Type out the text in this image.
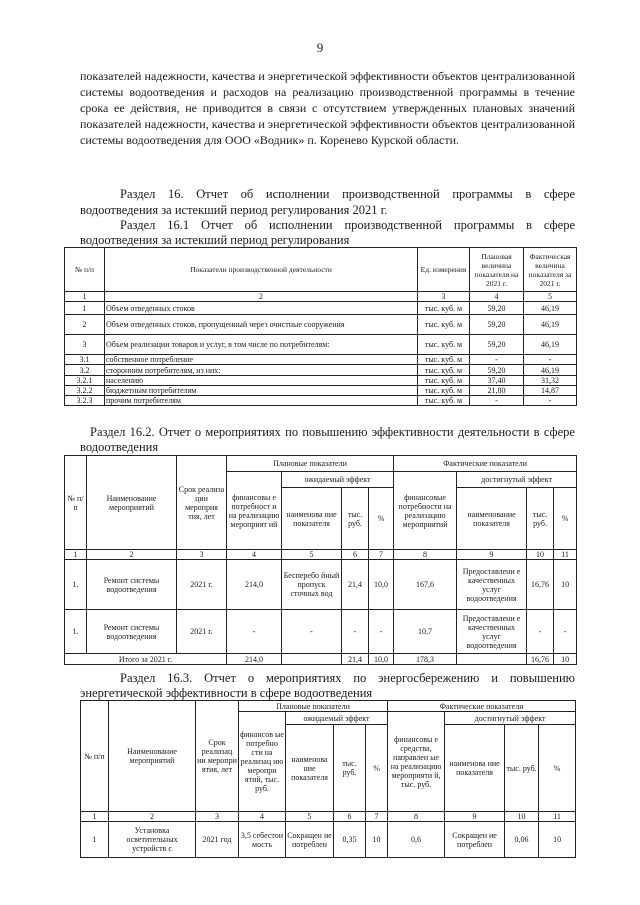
9
показателей надежности, качества и энергетической эффективности объектов централизованной системы водоотведения и расходов на реализацию производственной программы в течение срока ее действия, не приводится в связи с отсутствием утвержденных плановых значений показателей надежности, качества и энергетической эффективности объектов централизованной системы водоотведения для ООО «Водник» п. Коренево Курской области.
Раздел 16. Отчет об исполнении производственной программы в сфере водоотведения за истекший период регулирования 2021 г.
Раздел 16.1 Отчет об исполнении производственной программы в сфере водоотведения за истекший период регулирования
№ п/п	Показатели производственной деятельности	Ед. измерения	Плановая величина показателя на 2021 г.	Фактическая величина показателя за 2021 г.
1	2	3	4	5
1	Объем отведенных стоков	тыс. куб. м	59,20	46,19
2	Объем отведенных стоков, пропущенный через очистные сооружения	тыс. куб. м	59,20	46,19
3	Объем реализации товаров и услуг, в том числе по потребителям:	тыс. куб. м	59,20	46,19
3.1	собственное потребление	тыс. куб. м	-	-
3.2	сторонним потребителям, из них:	тыс. куб. м	59,20	46,19
3.2.1	населению	тыс. куб. м	37,40	31,32
3.2.2	бюджетным потребителям	тыс. куб. м	21,80	14,87
3.2.3	прочим потребителям	тыс. куб. м	-	-
Раздел 16.2. Отчет о мероприятиях по повышению эффективности деятельности в сфере водоотведения
№ п/ п	Наименование мероприятий	Срок реализа ции мероприя тия, лет	Плановые показатели				Фактические показатели			
			финансовы е потребност и на реализацию мероприят ий	ожидаемый эффект			финансовые потребности на реализацию мероприятий	достигнутый эффект		
				наименова ние показателя	тыс. руб.	%		наименование показателя	тыс. руб.	%
1	2	3	4	5	6	7	8	9	10	11
1.	Ремонт системы водоотведения	2021 г.	214,0	Бесперебо йный пропуск сточных вод	21,4	10,0	167,6	Предоставлени е качественных услуг водоотведения	16,76	10
1.	Ремонт системы водоотведения	2021 г.	-	-	-	-	10,7	Предоставлени е качественных услуг водоотведения	-	-
Итого за 2021 г.			214,0		21,4	10,0	178,3		16,76	10
Раздел 16.3. Отчет о мероприятиях по энергосбережению и повышению энергетической эффективности в сфере водоотведения
№ п/п	Наименование мероприятий	Срок реализац ии меропри ятия, лет	Плановые показатели				Фактические показатели			
			финансов ые потребно сти на реализац ию меропри ятий, тыс. руб.	ожидаемый эффект			финансовы е средства, направлен ые на реализацию мероприяти й, тыс. руб.	достигнутый эффект		
				наименова ние показателя	тыс. руб.	%		наименова ние показателя	тыс. руб.	%
1	2	3	4	5	6	7	8	9	10	11
1	Установка осветительных устройств с	2021 год	3,5 себестои мость	Сокращен ие потреблен	0,35	10	0,6	Сокращен ие потреблен	0,06	10
